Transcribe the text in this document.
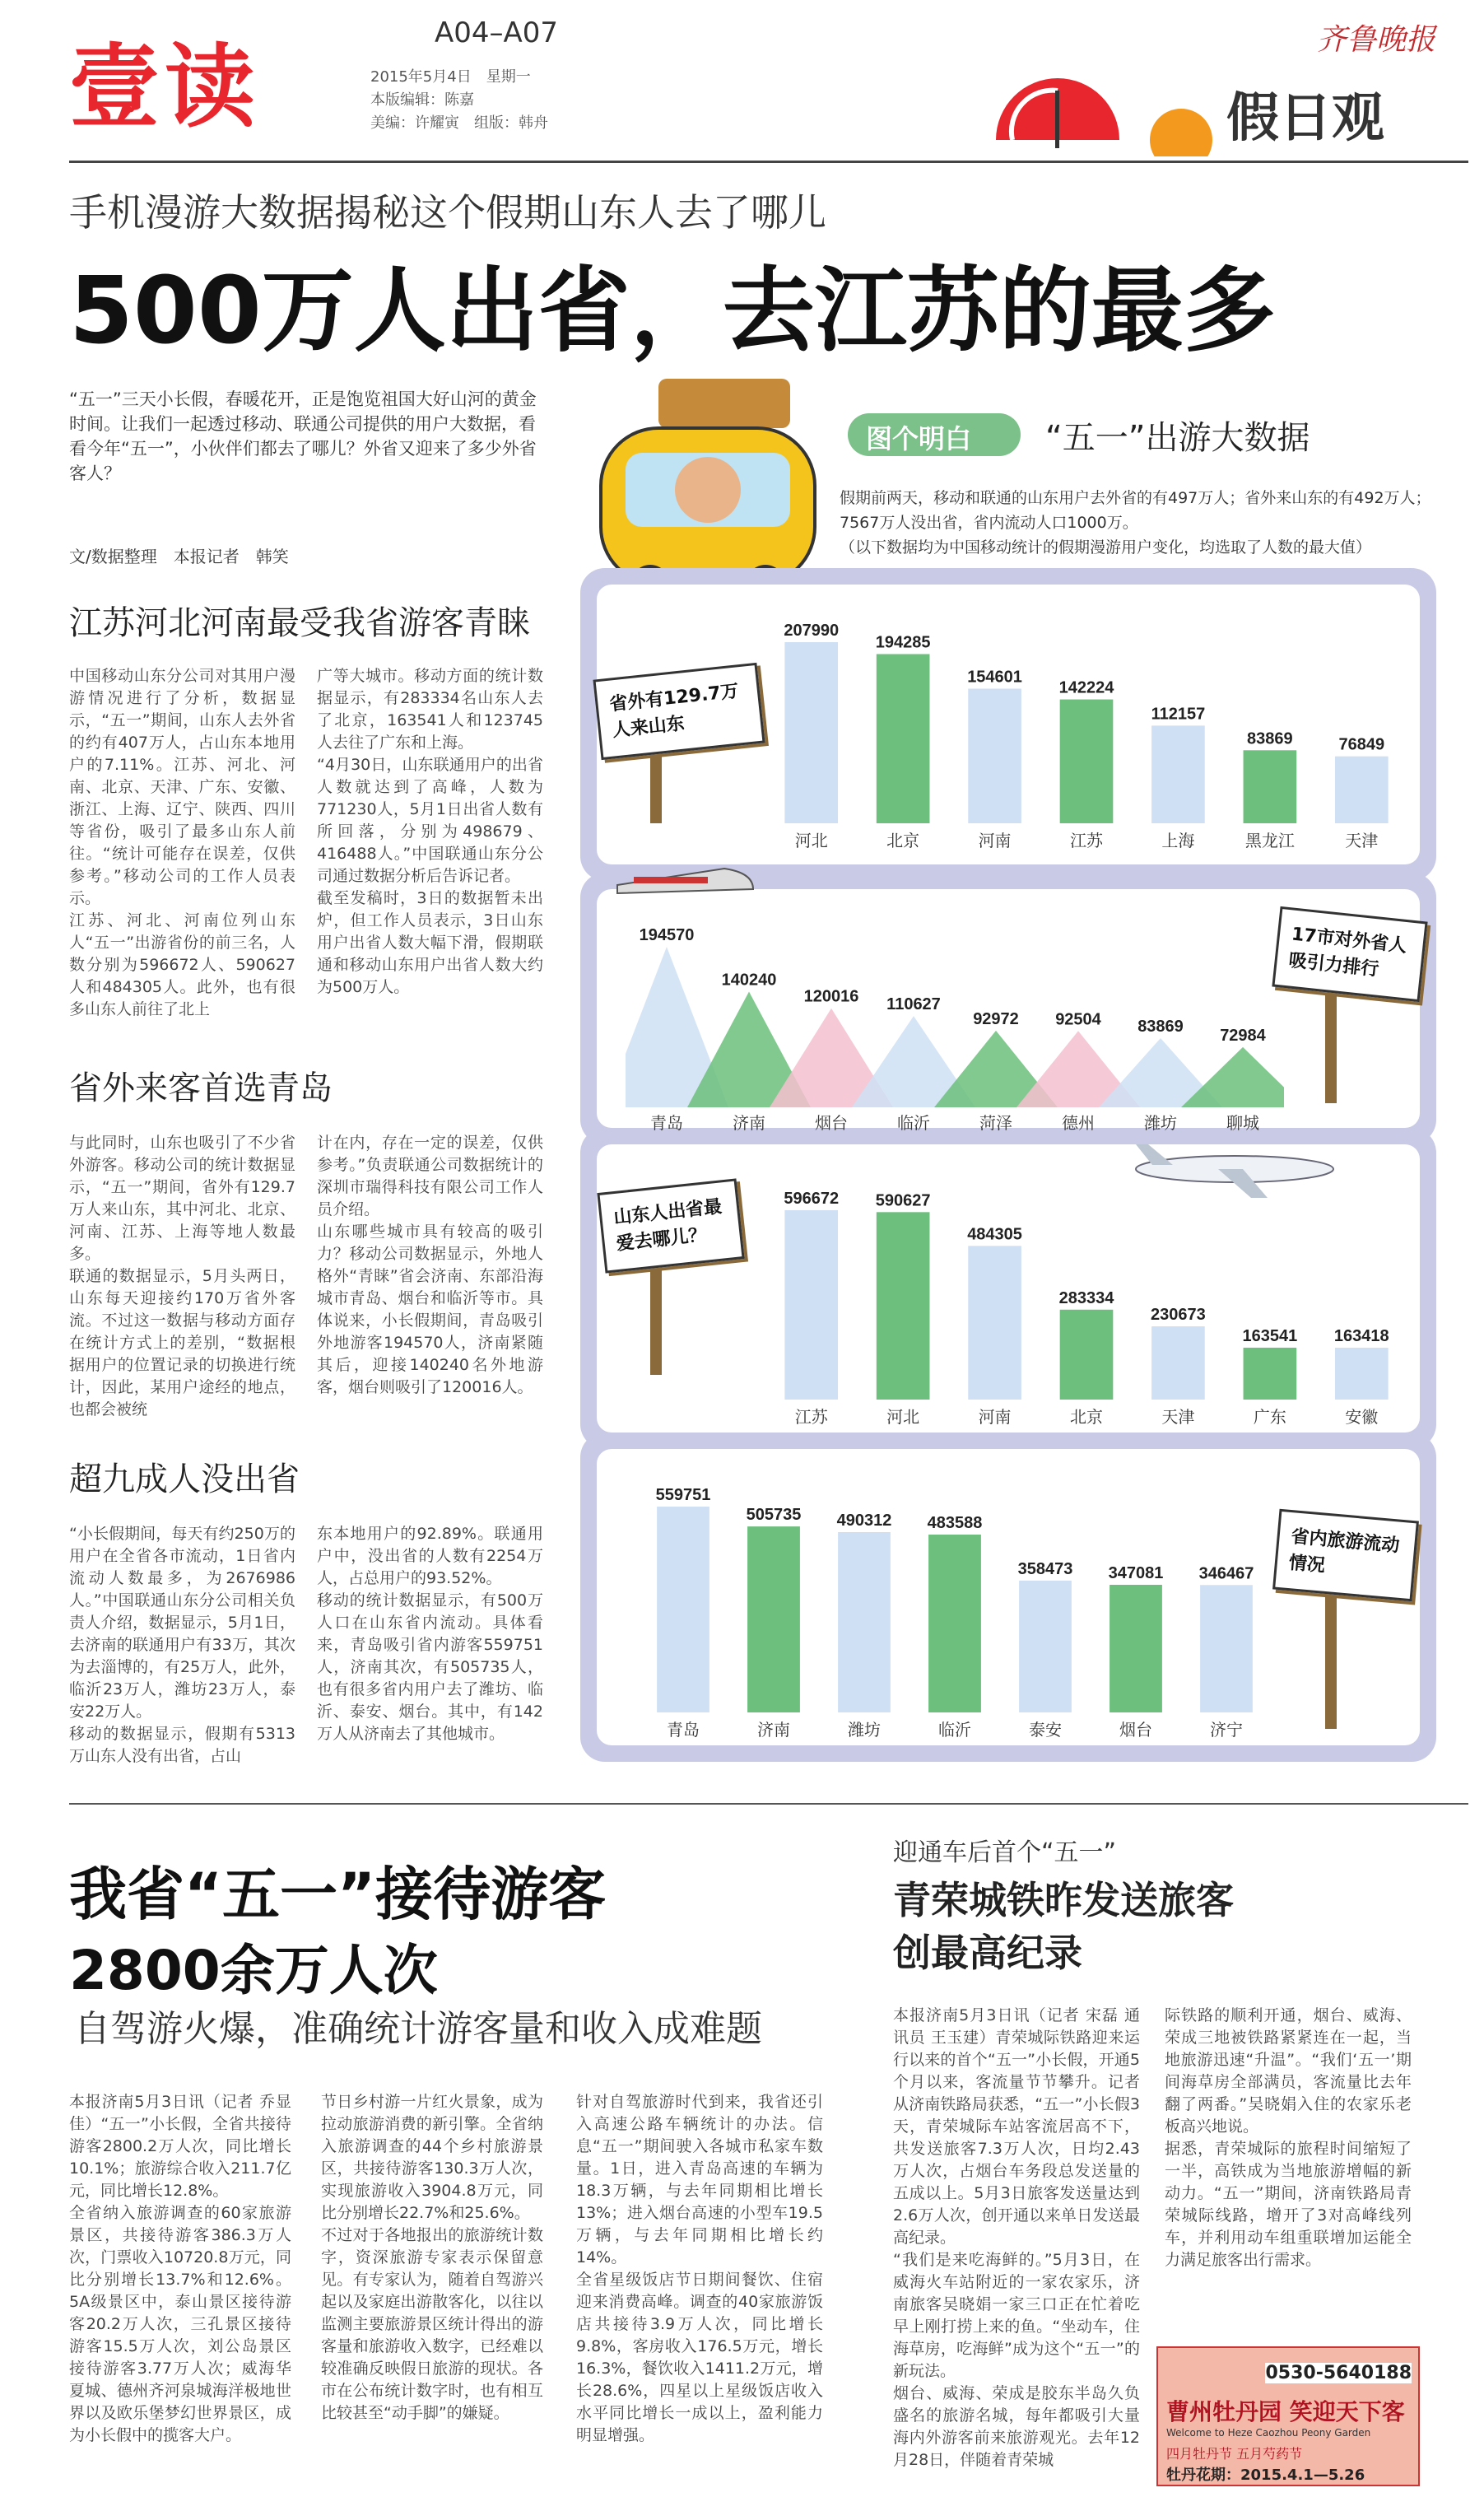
壹读
A04–A07
2015年5月4日　星期一
本版编辑：陈嘉
美编：许耀寅　组版：韩舟
齐鲁晚报
假日观
手机漫游大数据揭秘这个假期山东人去了哪儿
500万人出省，去江苏的最多
“五一”三天小长假，春暖花开，正是饱览祖国大好山河的黄金时间。让我们一起透过移动、联通公司提供的用户大数据，看看今年“五一”，小伙伴们都去了哪儿？外省又迎来了多少外省客人？
文/数据整理　本报记者　韩笑
江苏河北河南最受我省游客青睐
中国移动山东分公司对其用户漫游情况进行了分析，数据显示，“五一”期间，山东人去外省的约有407万人，占山东本地用户的7.11%。江苏、河北、河南、北京、天津、广东、安徽、浙江、上海、辽宁、陕西、四川等省份，吸引了最多山东人前往。“统计可能存在误差，仅供参考。”移动公司的工作人员表示。
江苏、河北、河南位列山东人“五一”出游省份的前三名，人数分别为596672人、590627人和484305人。此外，也有很多山东人前往了北上
广等大城市。移动方面的统计数据显示，有283334名山东人去了北京，163541人和123745人去往了广东和上海。
“4月30日，山东联通用户的出省人数就达到了高峰，人数为771230人，5月1日出省人数有所回落，分别为498679、416488人。”中国联通山东分公司通过数据分析后告诉记者。
截至发稿时，3日的数据暂未出炉，但工作人员表示，3日山东用户出省人数大幅下滑，假期联通和移动山东用户出省人数大约为500万人。
省外来客首选青岛
与此同时，山东也吸引了不少省外游客。移动公司的统计数据显示，“五一”期间，省外有129.7万人来山东，其中河北、北京、河南、江苏、上海等地人数最多。
联通的数据显示，5月头两日，山东每天迎接约170万省外客流。不过这一数据与移动方面存在统计方式上的差别，“数据根据用户的位置记录的切换进行统计，因此，某用户途经的地点，也都会被统
计在内，存在一定的误差，仅供参考。”负责联通公司数据统计的深圳市瑞得科技有限公司工作人员介绍。
山东哪些城市具有较高的吸引力？移动公司数据显示，外地人格外“青睐”省会济南、东部沿海城市青岛、烟台和临沂等市。具体说来，小长假期间，青岛吸引外地游客194570人，济南紧随其后，迎接140240名外地游客，烟台则吸引了120016人。
超九成人没出省
“小长假期间，每天有约250万的用户在全省各市流动，1日省内流动人数最多，为2676986人。”中国联通山东分公司相关负责人介绍，数据显示，5月1日，去济南的联通用户有33万，其次为去淄博的，有25万人，此外，临沂23万人，潍坊23万人，泰安22万人。
移动的数据显示，假期有5313万山东人没有出省，占山
东本地用户的92.89%。联通用户中，没出省的人数有2254万人，占总用户的93.52%。
移动的统计数据显示，有500万人口在山东省内流动。具体看来，青岛吸引省内游客559751人，济南其次，有505735人，也有很多省内用户去了潍坊、临沂、泰安、烟台。其中，有142万人从济南去了其他城市。
图个明白	“五一”出游大数据
假期前两天，移动和联通的山东用户去外省的有497万人；省外来山东的有492万人；7567万人没出省，省内流动人口1000万。
（以下数据均为中国移动统计的假期漫游用户变化，均选取了人数的最大值）
省外有129.7万人来山东
17市对外省人吸引力排行
山东人出省最爱去哪儿？
省内旅游流动情况
207990
河北
194285
北京
154601
河南
142224
江苏
112157
上海
83869
黑龙江
76849
天津
194570
青岛
140240
济南
120016
烟台
110627
临沂
92972
菏泽
92504
德州
83869
潍坊
72984
聊城
596672
江苏
590627
河北
484305
河南
283334
北京
230673
天津
163541
广东
163418
安徽
559751
青岛
505735
济南
490312
潍坊
483588
临沂
358473
泰安
347081
烟台
346467
济宁
我省“五一”接待游客
2800余万人次
自驾游火爆，准确统计游客量和收入成难题
本报济南5月3日讯（记者 乔显佳）“五一”小长假，全省共接待游客2800.2万人次，同比增长10.1%；旅游综合收入211.7亿元，同比增长12.8%。
全省纳入旅游调查的60家旅游景区，共接待游客386.3万人次，门票收入10720.8万元，同比分别增长13.7%和12.6%。5A级景区中，泰山景区接待游客20.2万人次，三孔景区接待游客15.5万人次，刘公岛景区接待游客3.77万人次；威海华夏城、德州齐河泉城海洋极地世界以及欧乐堡梦幻世界景区，成为小长假中的揽客大户。
节日乡村游一片红火景象，成为拉动旅游消费的新引擎。全省纳入旅游调查的44个乡村旅游景区，共接待游客130.3万人次，实现旅游收入3904.8万元，同比分别增长22.7%和25.6%。
不过对于各地报出的旅游统计数字，资深旅游专家表示保留意见。有专家认为，随着自驾游兴起以及家庭出游散客化，以往以监测主要旅游景区统计得出的游客量和旅游收入数字，已经难以较准确反映假日旅游的现状。各市在公布统计数字时，也有相互比较甚至“动手脚”的嫌疑。
针对自驾旅游时代到来，我省还引入高速公路车辆统计的办法。信息“五一”期间驶入各城市私家车数量。1日，进入青岛高速的车辆为18.3万辆，与去年同期相比增长13%；进入烟台高速的小型车19.5万辆，与去年同期相比增长约14%。
全省星级饭店节日期间餐饮、住宿迎来消费高峰。调查的40家旅游饭店共接待3.9万人次，同比增长9.8%，客房收入176.5万元，增长16.3%，餐饮收入1411.2万元，增长28.6%，四星以上星级饭店收入水平同比增长一成以上，盈利能力明显增强。
迎通车后首个“五一”
青荣城铁昨发送旅客
创最高纪录
本报济南5月3日讯（记者 宋磊 通讯员 王玉建）青荣城际铁路迎来运行以来的首个“五一”小长假，开通5个月以来，客流量节节攀升。记者从济南铁路局获悉，“五一”小长假3天，青荣城际车站客流居高不下，共发送旅客7.3万人次，日均2.43万人次，占烟台车务段总发送量的五成以上。5月3日旅客发送量达到2.6万人次，创开通以来单日发送最高纪录。
“我们是来吃海鲜的。”5月3日，在威海火车站附近的一家农家乐，济南旅客吴晓娟一家三口正在忙着吃早上刚打捞上来的鱼。“坐动车，住海草房，吃海鲜”成为这个“五一”的新玩法。
烟台、威海、荣成是胶东半岛久负盛名的旅游名城，每年都吸引大量海内外游客前来旅游观光。去年12月28日，伴随着青荣城
际铁路的顺利开通，烟台、威海、荣成三地被铁路紧紧连在一起，当地旅游迅速“升温”。“我们‘五一’期间海草房全部满员，客流量比去年翻了两番。”吴晓娟入住的农家乐老板高兴地说。
据悉，青荣城际的旅程时间缩短了一半，高铁成为当地旅游增幅的新动力。“五一”期间，济南铁路局青荣城际线路，增开了3对高峰线列车，并利用动车组重联增加运能全力满足旅客出行需求。
0530-5640188
曹州牡丹园 笑迎天下客
Welcome to Heze Caozhou Peony Garden
四月牡丹节 五月芍药节
牡丹花期：2015.4.1—5.26
